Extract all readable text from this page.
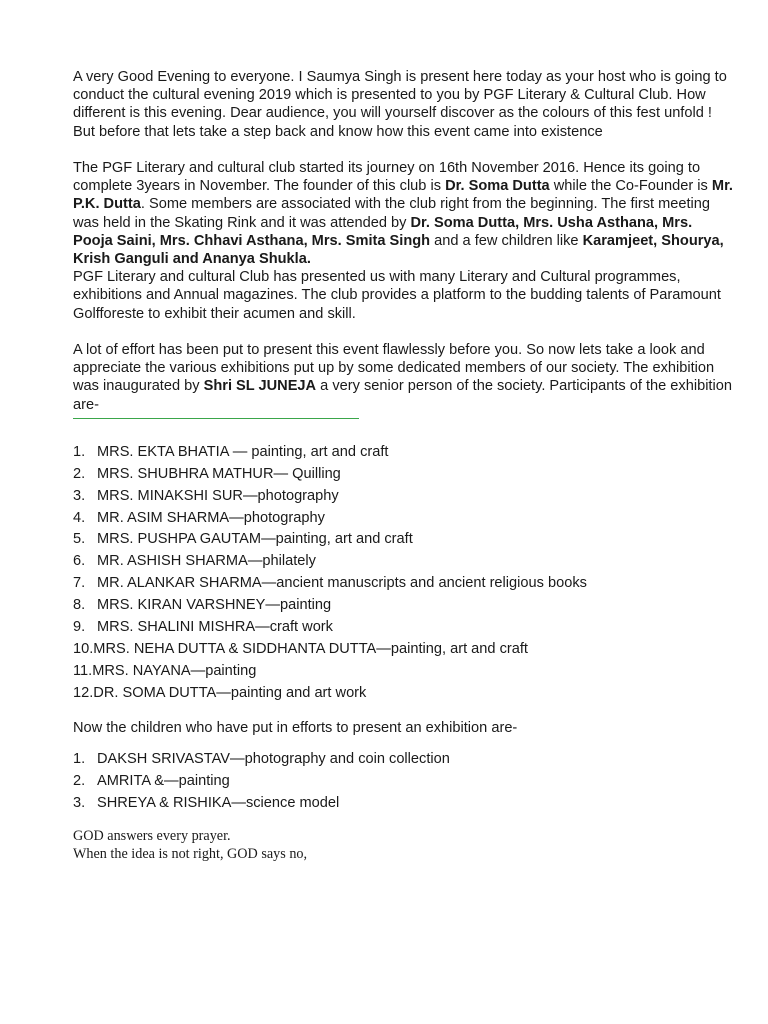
A very Good Evening to everyone. I Saumya Singh is present here today as your host who is going to conduct the cultural evening 2019 which is presented to you by PGF Literary & Cultural Club. How different is this evening. Dear audience, you will yourself discover as the colours of this fest unfold !
But before that lets take a step back and know how this event came into existence

The PGF Literary and cultural club started its journey on 16th November 2016. Hence its going to complete 3years in November. The founder of this club is Dr. Soma Dutta while the Co-Founder is Mr. P.K. Dutta. Some members are associated with the club right from the beginning. The first meeting was held in the Skating Rink and it was attended by Dr. Soma Dutta, Mrs. Usha Asthana, Mrs. Pooja Saini, Mrs. Chhavi Asthana, Mrs. Smita Singh and a few children like Karamjeet, Shourya, Krish Ganguli and Ananya Shukla.
PGF Literary and cultural Club has presented us with many Literary and Cultural programmes, exhibitions and Annual magazines. The club provides a platform to the budding talents of Paramount Golfforeste to exhibit their acumen and skill.

A lot of effort has been put to present this event flawlessly before you. So now lets take a look and appreciate the various exhibitions put up by some dedicated members of our society. The exhibition was inaugurated by Shri SL JUNEJA a very senior person of the society. Participants of the exhibition are-

1. MRS. EKTA BHATIA — painting, art and craft
2. MRS. SHUBHRA MATHUR— Quilling
3. MRS. MINAKSHI SUR—photography
4. MR. ASIM SHARMA—photography
5. MRS. PUSHPA GAUTAM—painting, art and craft
6. MR. ASHISH SHARMA—philately
7. MR. ALANKAR SHARMA—ancient manuscripts and ancient religious books
8. MRS. KIRAN VARSHNEY—painting
9. MRS. SHALINI MISHRA—craft work
10.MRS. NEHA DUTTA & SIDDHANTA DUTTA—painting, art and craft
11.MRS. NAYANA—painting
12.DR. SOMA DUTTA—painting and art work

Now the children who have put in efforts to present an exhibition are-

1. DAKSH SRIVASTAV—photography and coin collection
2. AMRITA &—painting
3. SHREYA & RISHIKA—science model

GOD answers every prayer.
When the idea is not right, GOD says no,
